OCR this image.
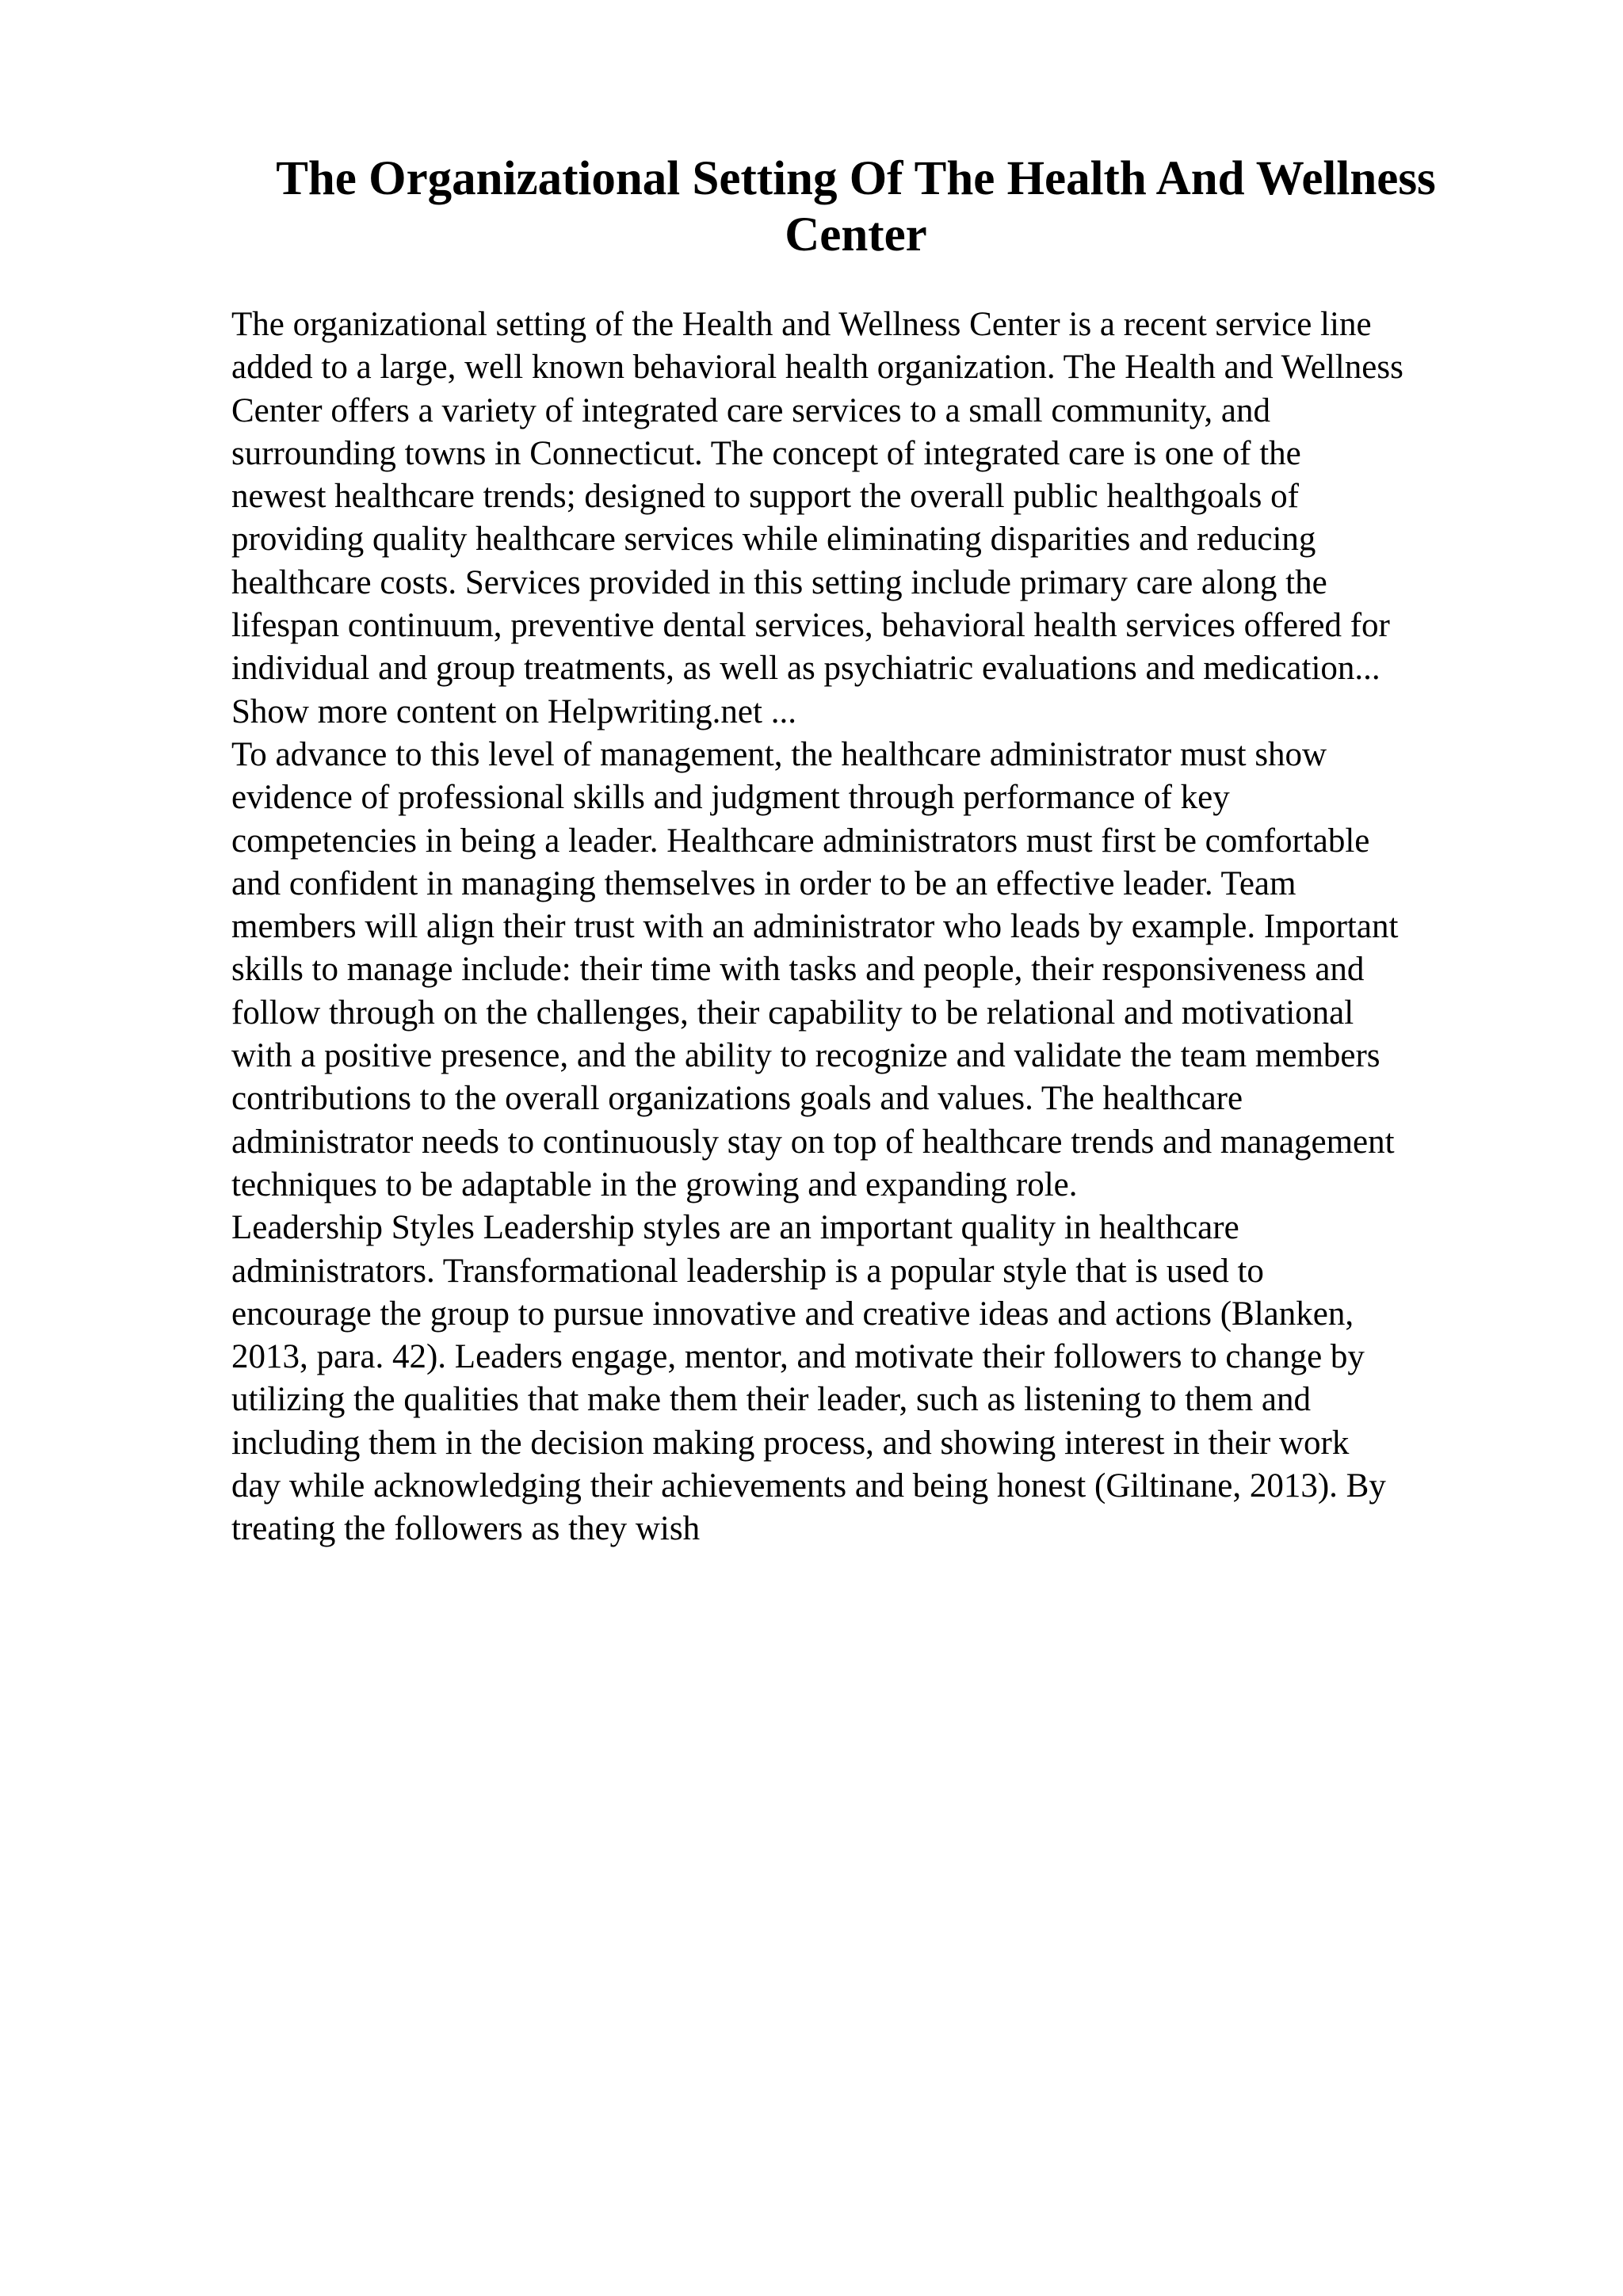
The Organizational Setting Of The Health And Wellness
Center

The organizational setting of the Health and Wellness Center is a recent service line
added to a large, well known behavioral health organization. The Health and Wellness
Center offers a variety of integrated care services to a small community, and
surrounding towns in Connecticut. The concept of integrated care is one of the
newest healthcare trends; designed to support the overall public healthgoals of
providing quality healthcare services while eliminating disparities and reducing
healthcare costs. Services provided in this setting include primary care along the
lifespan continuum, preventive dental services, behavioral health services offered for
individual and group treatments, as well as psychiatric evaluations and medication...
Show more content on Helpwriting.net ...

To advance to this level of management, the healthcare administrator must show
evidence of professional skills and judgment through performance of key
competencies in being a leader. Healthcare administrators must first be comfortable
and confident in managing themselves in order to be an effective leader. Team
members will align their trust with an administrator who leads by example. Important
skills to manage include: their time with tasks and people, their responsiveness and
follow through on the challenges, their capability to be relational and motivational
with a positive presence, and the ability to recognize and validate the team members
contributions to the overall organizations goals and values. The healthcare
administrator needs to continuously stay on top of healthcare trends and management
techniques to be adaptable in the growing and expanding role.

Leadership Styles Leadership styles are an important quality in healthcare
administrators. Transformational leadership is a popular style that is used to
encourage the group to pursue innovative and creative ideas and actions (Blanken,
2013, para. 42). Leaders engage, mentor, and motivate their followers to change by
utilizing the qualities that make them their leader, such as listening to them and
including them in the decision making process, and showing interest in their work
day while acknowledging their achievements and being honest (Giltinane, 2013). By
treating the followers as they wish
